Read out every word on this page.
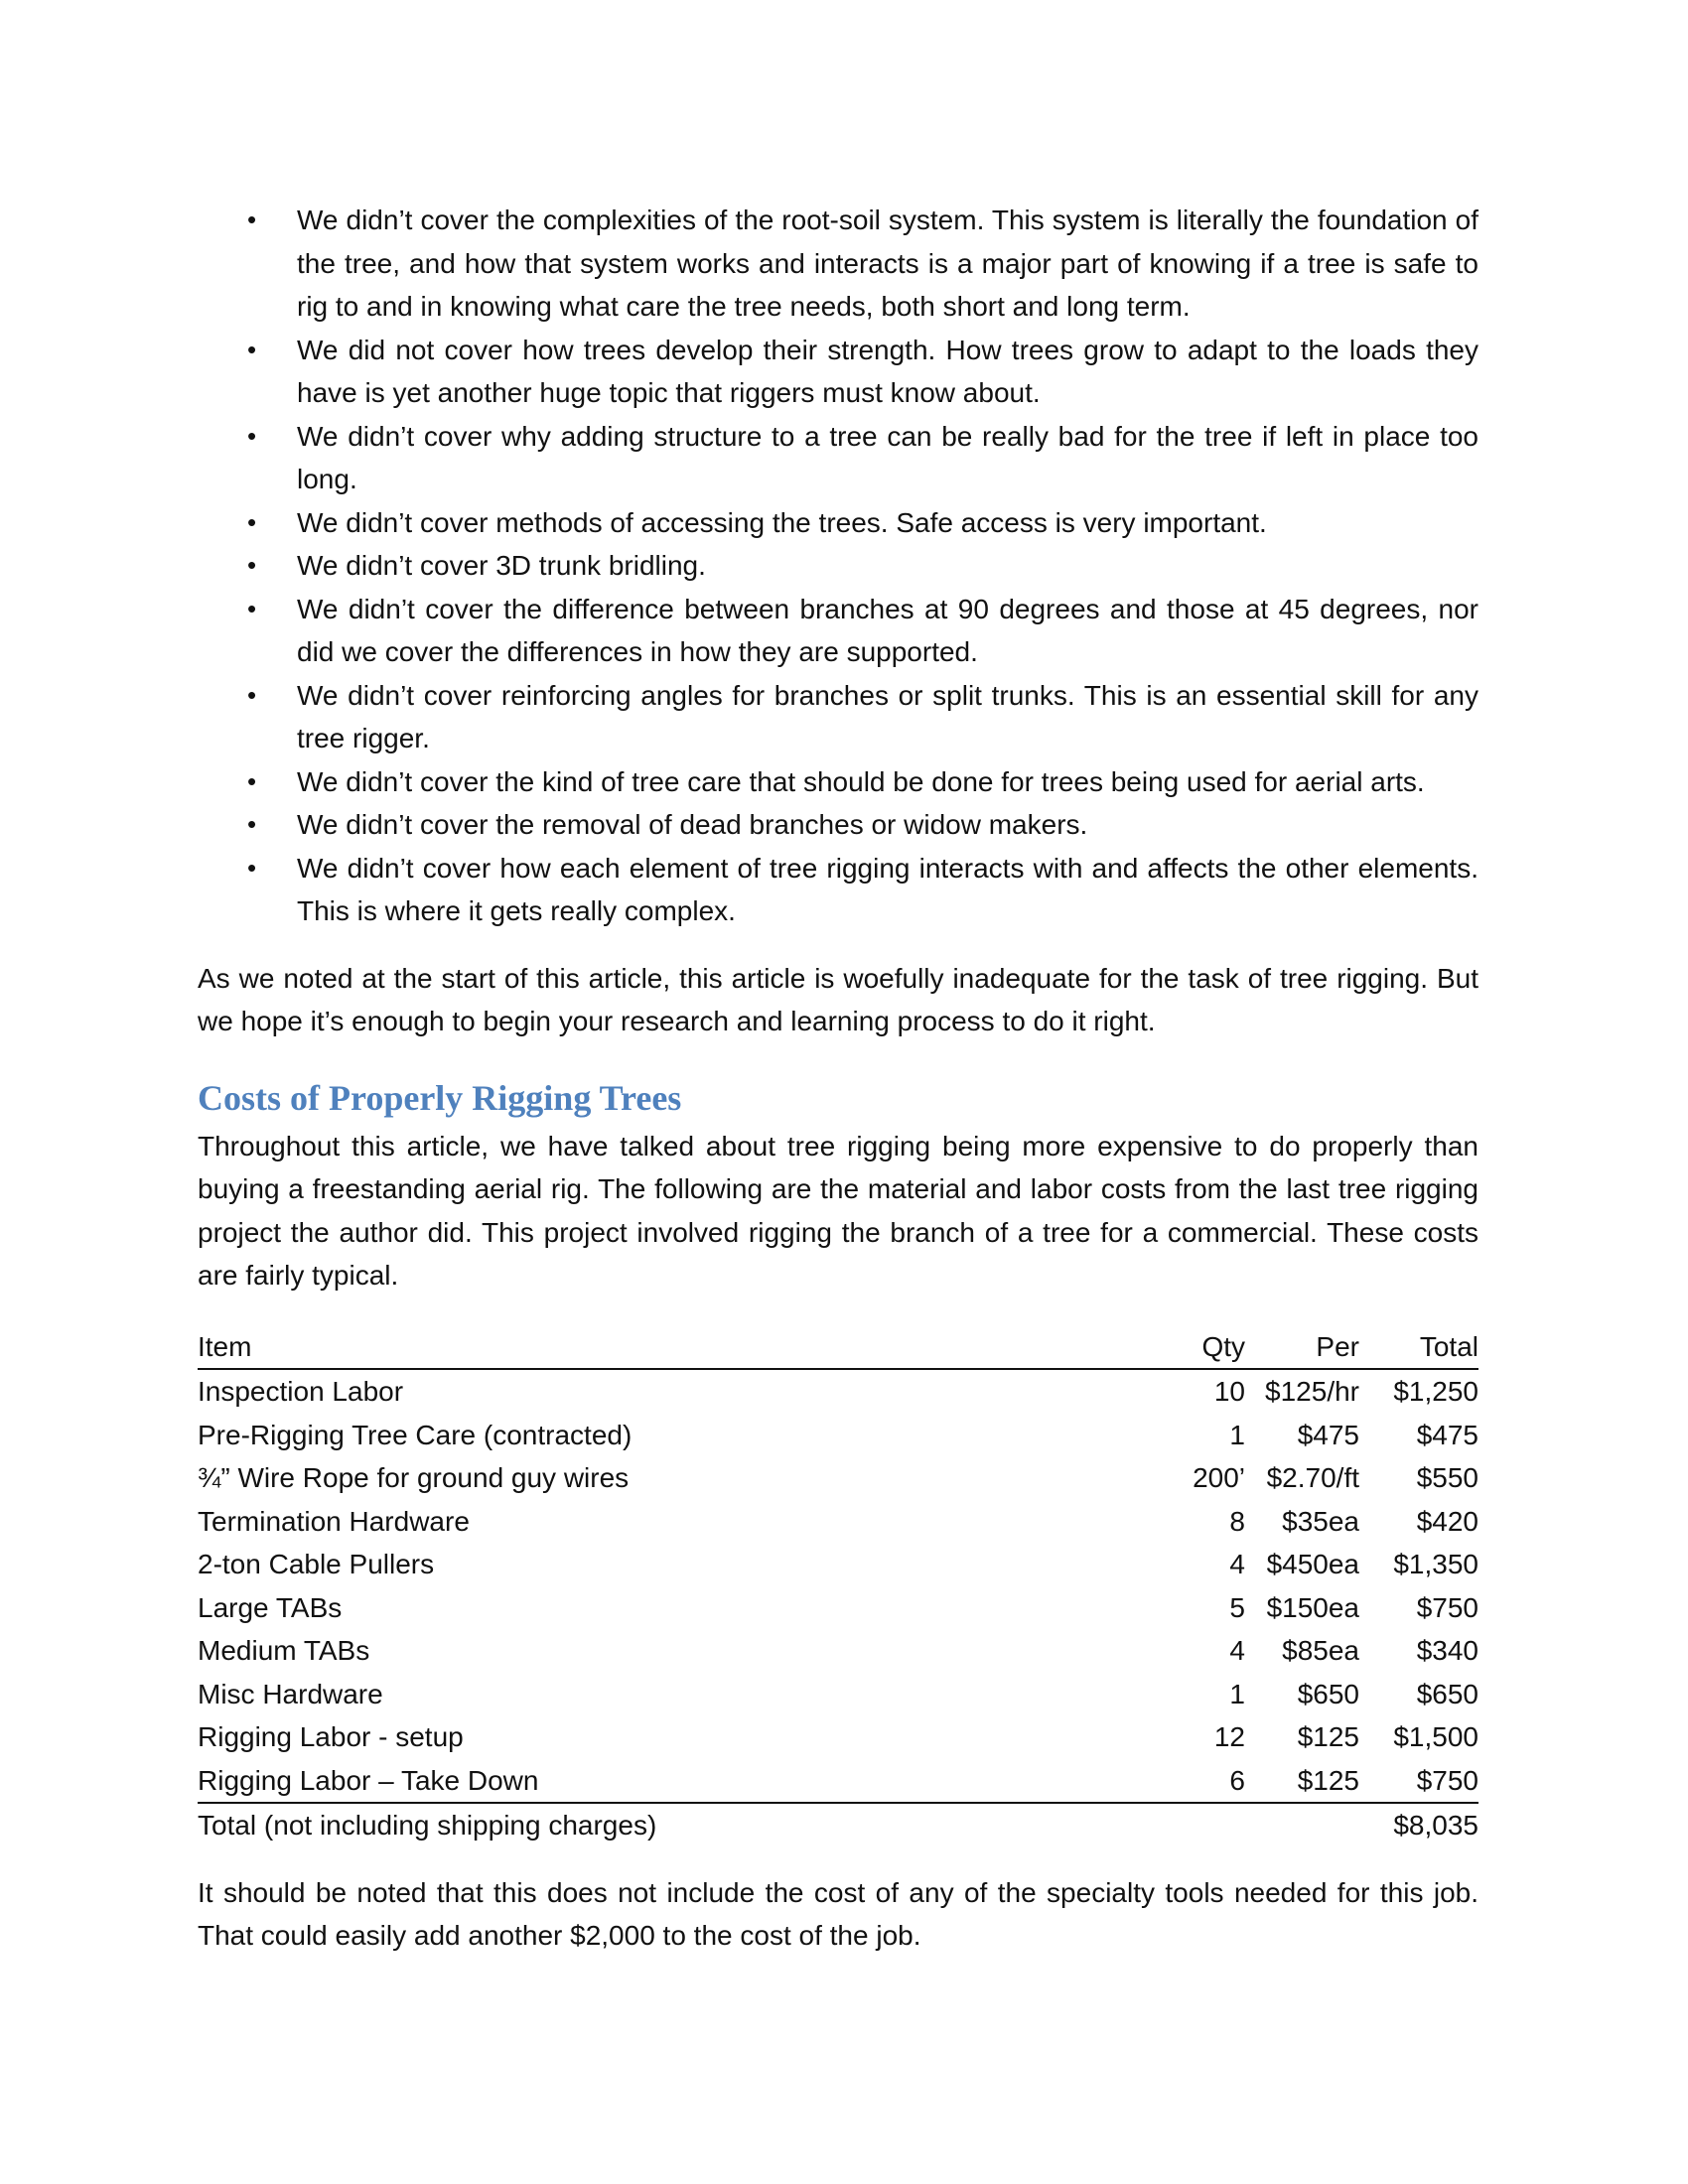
• We didn’t cover the complexities of the root-soil system. This system is literally the foundation of the tree, and how that system works and interacts is a major part of knowing if a tree is safe to rig to and in knowing what care the tree needs, both short and long term.
• We did not cover how trees develop their strength. How trees grow to adapt to the loads they have is yet another huge topic that riggers must know about.
• We didn’t cover why adding structure to a tree can be really bad for the tree if left in place too long.
• We didn’t cover methods of accessing the trees. Safe access is very important.
• We didn’t cover 3D trunk bridling.
• We didn’t cover the difference between branches at 90 degrees and those at 45 degrees, nor did we cover the differences in how they are supported.
• We didn’t cover reinforcing angles for branches or split trunks. This is an essential skill for any tree rigger.
• We didn’t cover the kind of tree care that should be done for trees being used for aerial arts.
• We didn’t cover the removal of dead branches or widow makers.
• We didn’t cover how each element of tree rigging interacts with and affects the other elements. This is where it gets really complex.

As we noted at the start of this article, this article is woefully inadequate for the task of tree rigging. But we hope it’s enough to begin your research and learning process to do it right.

Costs of Properly Rigging Trees

Throughout this article, we have talked about tree rigging being more expensive to do properly than buying a freestanding aerial rig. The following are the material and labor costs from the last tree rigging project the author did. This project involved rigging the branch of a tree for a commercial. These costs are fairly typical.

Item	Qty	Per	Total
Inspection Labor	10	$125/hr	$1,250
Pre-Rigging Tree Care (contracted)	1	$475	$475
¾” Wire Rope for ground guy wires	200’	$2.70/ft	$550
Termination Hardware	8	$35ea	$420
2-ton Cable Pullers	4	$450ea	$1,350
Large TABs	5	$150ea	$750
Medium TABs	4	$85ea	$340
Misc Hardware	1	$650	$650
Rigging Labor - setup	12	$125	$1,500
Rigging Labor – Take Down	6	$125	$750
Total (not including shipping charges)			$8,035

It should be noted that this does not include the cost of any of the specialty tools needed for this job. That could easily add another $2,000 to the cost of the job.
